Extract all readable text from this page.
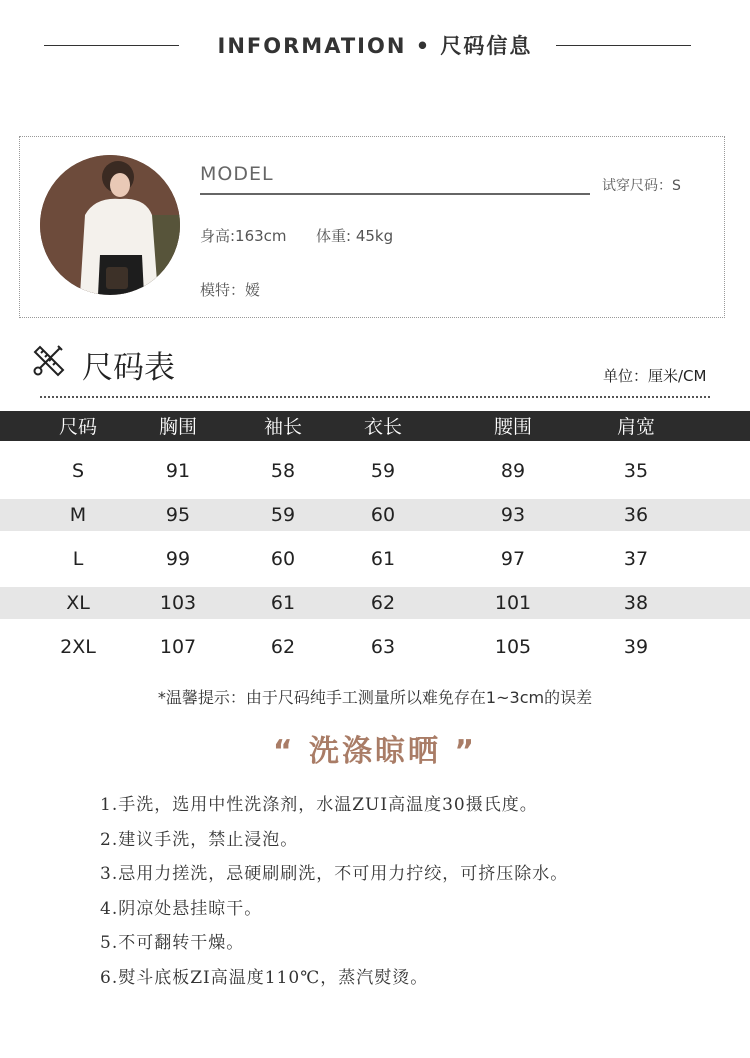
INFORMATION • 尺码信息
MODEL
试穿尺码：S
身高:163cm 体重: 45kg
模特：嫒
尺码表	单位：厘米/CM
尺码	胸围	袖长	衣长	腰围	肩宽
S	91	58	59	89	35
M	95	59	60	93	36
L	99	60	61	97	37
XL	103	61	62	101	38
2XL	107	62	63	105	39
*温馨提示：由于尺码纯手工测量所以难免存在1~3cm的误差
“ 洗涤晾晒 ”
1.手洗，选用中性洗涤剂，水温ZUI高温度30摄氏度。
2.建议手洗，禁止浸泡。
3.忌用力搓洗，忌硬刷刷洗，不可用力拧绞，可挤压除水。
4.阴凉处悬挂晾干。
5.不可翻转干燥。
6.熨斗底板ZI高温度110℃，蒸汽熨烫。
